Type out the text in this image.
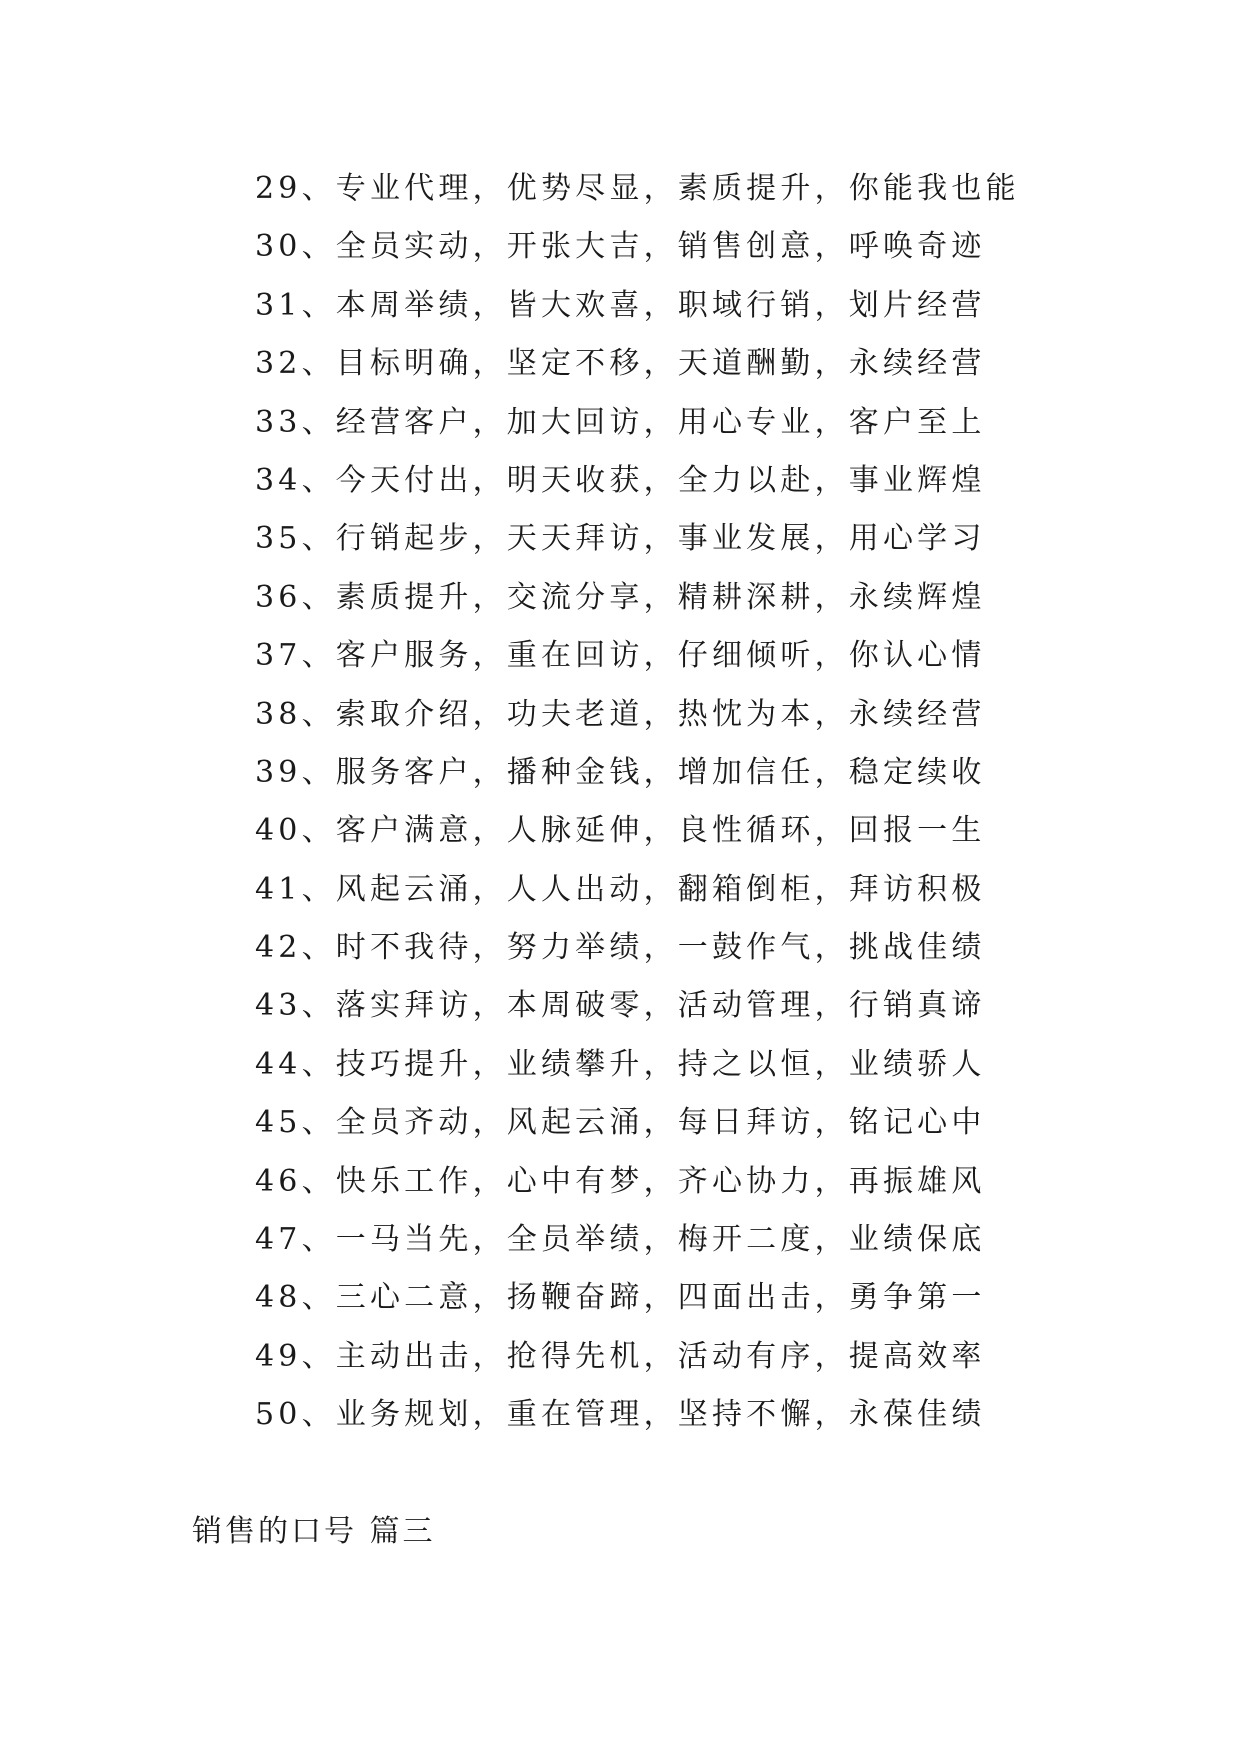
29、专业代理，优势尽显，素质提升，你能我也能
30、全员实动，开张大吉，销售创意，呼唤奇迹
31、本周举绩，皆大欢喜，职域行销，划片经营
32、目标明确，坚定不移，天道酬勤，永续经营
33、经营客户，加大回访，用心专业，客户至上
34、今天付出，明天收获，全力以赴，事业辉煌
35、行销起步，天天拜访，事业发展，用心学习
36、素质提升，交流分享，精耕深耕，永续辉煌
37、客户服务，重在回访，仔细倾听，你认心情
38、索取介绍，功夫老道，热忱为本，永续经营
39、服务客户，播种金钱，增加信任，稳定续收
40、客户满意，人脉延伸，良性循环，回报一生
41、风起云涌，人人出动，翻箱倒柜，拜访积极
42、时不我待，努力举绩，一鼓作气，挑战佳绩
43、落实拜访，本周破零，活动管理，行销真谛
44、技巧提升，业绩攀升，持之以恒，业绩骄人
45、全员齐动，风起云涌，每日拜访，铭记心中
46、快乐工作，心中有梦，齐心协力，再振雄风
47、一马当先，全员举绩，梅开二度，业绩保底
48、三心二意，扬鞭奋蹄，四面出击，勇争第一
49、主动出击，抢得先机，活动有序，提高效率
50、业务规划，重在管理，坚持不懈，永葆佳绩
销售的口号 篇三
